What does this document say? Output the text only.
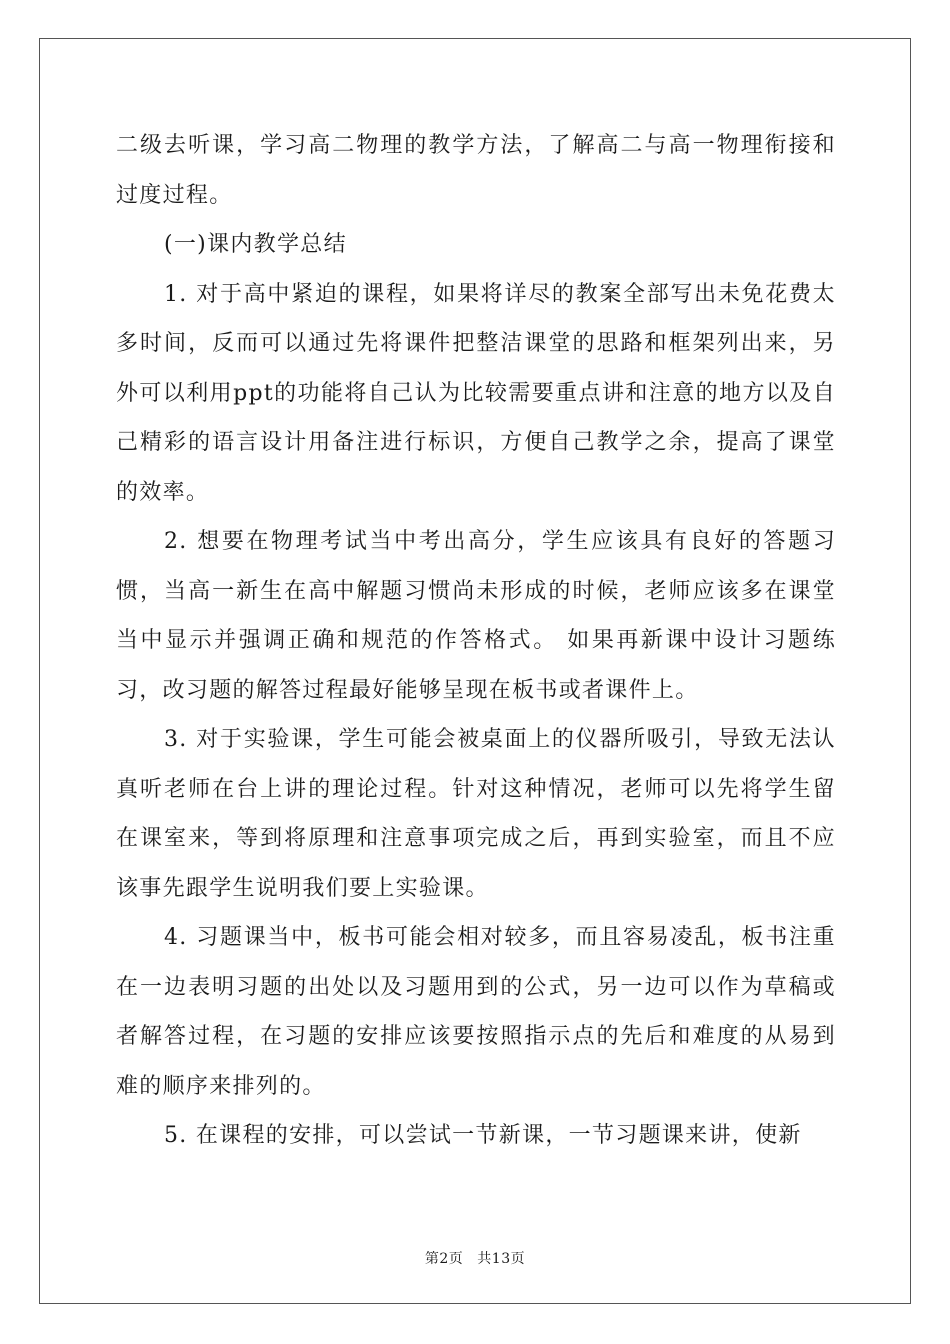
二级去听课，学习高二物理的教学方法，了解高二与高一物理衔接和过度过程。

(一)课内教学总结

1. 对于高中紧迫的课程，如果将详尽的教案全部写出未免花费太多时间，反而可以通过先将课件把整洁课堂的思路和框架列出来，另外可以利用ppt的功能将自己认为比较需要重点讲和注意的地方以及自己精彩的语言设计用备注进行标识，方便自己教学之余，提高了课堂的效率。

2. 想要在物理考试当中考出高分，学生应该具有良好的答题习惯，当高一新生在高中解题习惯尚未形成的时候，老师应该多在课堂当中显示并强调正确和规范的作答格式。 如果再新课中设计习题练习，改习题的解答过程最好能够呈现在板书或者课件上。

3. 对于实验课，学生可能会被桌面上的仪器所吸引，导致无法认真听老师在台上讲的理论过程。针对这种情况，老师可以先将学生留在课室来，等到将原理和注意事项完成之后，再到实验室，而且不应该事先跟学生说明我们要上实验课。

4. 习题课当中，板书可能会相对较多，而且容易凌乱，板书注重在一边表明习题的出处以及习题用到的公式，另一边可以作为草稿或者解答过程，在习题的安排应该要按照指示点的先后和难度的从易到难的顺序来排列的。

5. 在课程的安排，可以尝试一节新课，一节习题课来讲，使新

第2页 共13页
